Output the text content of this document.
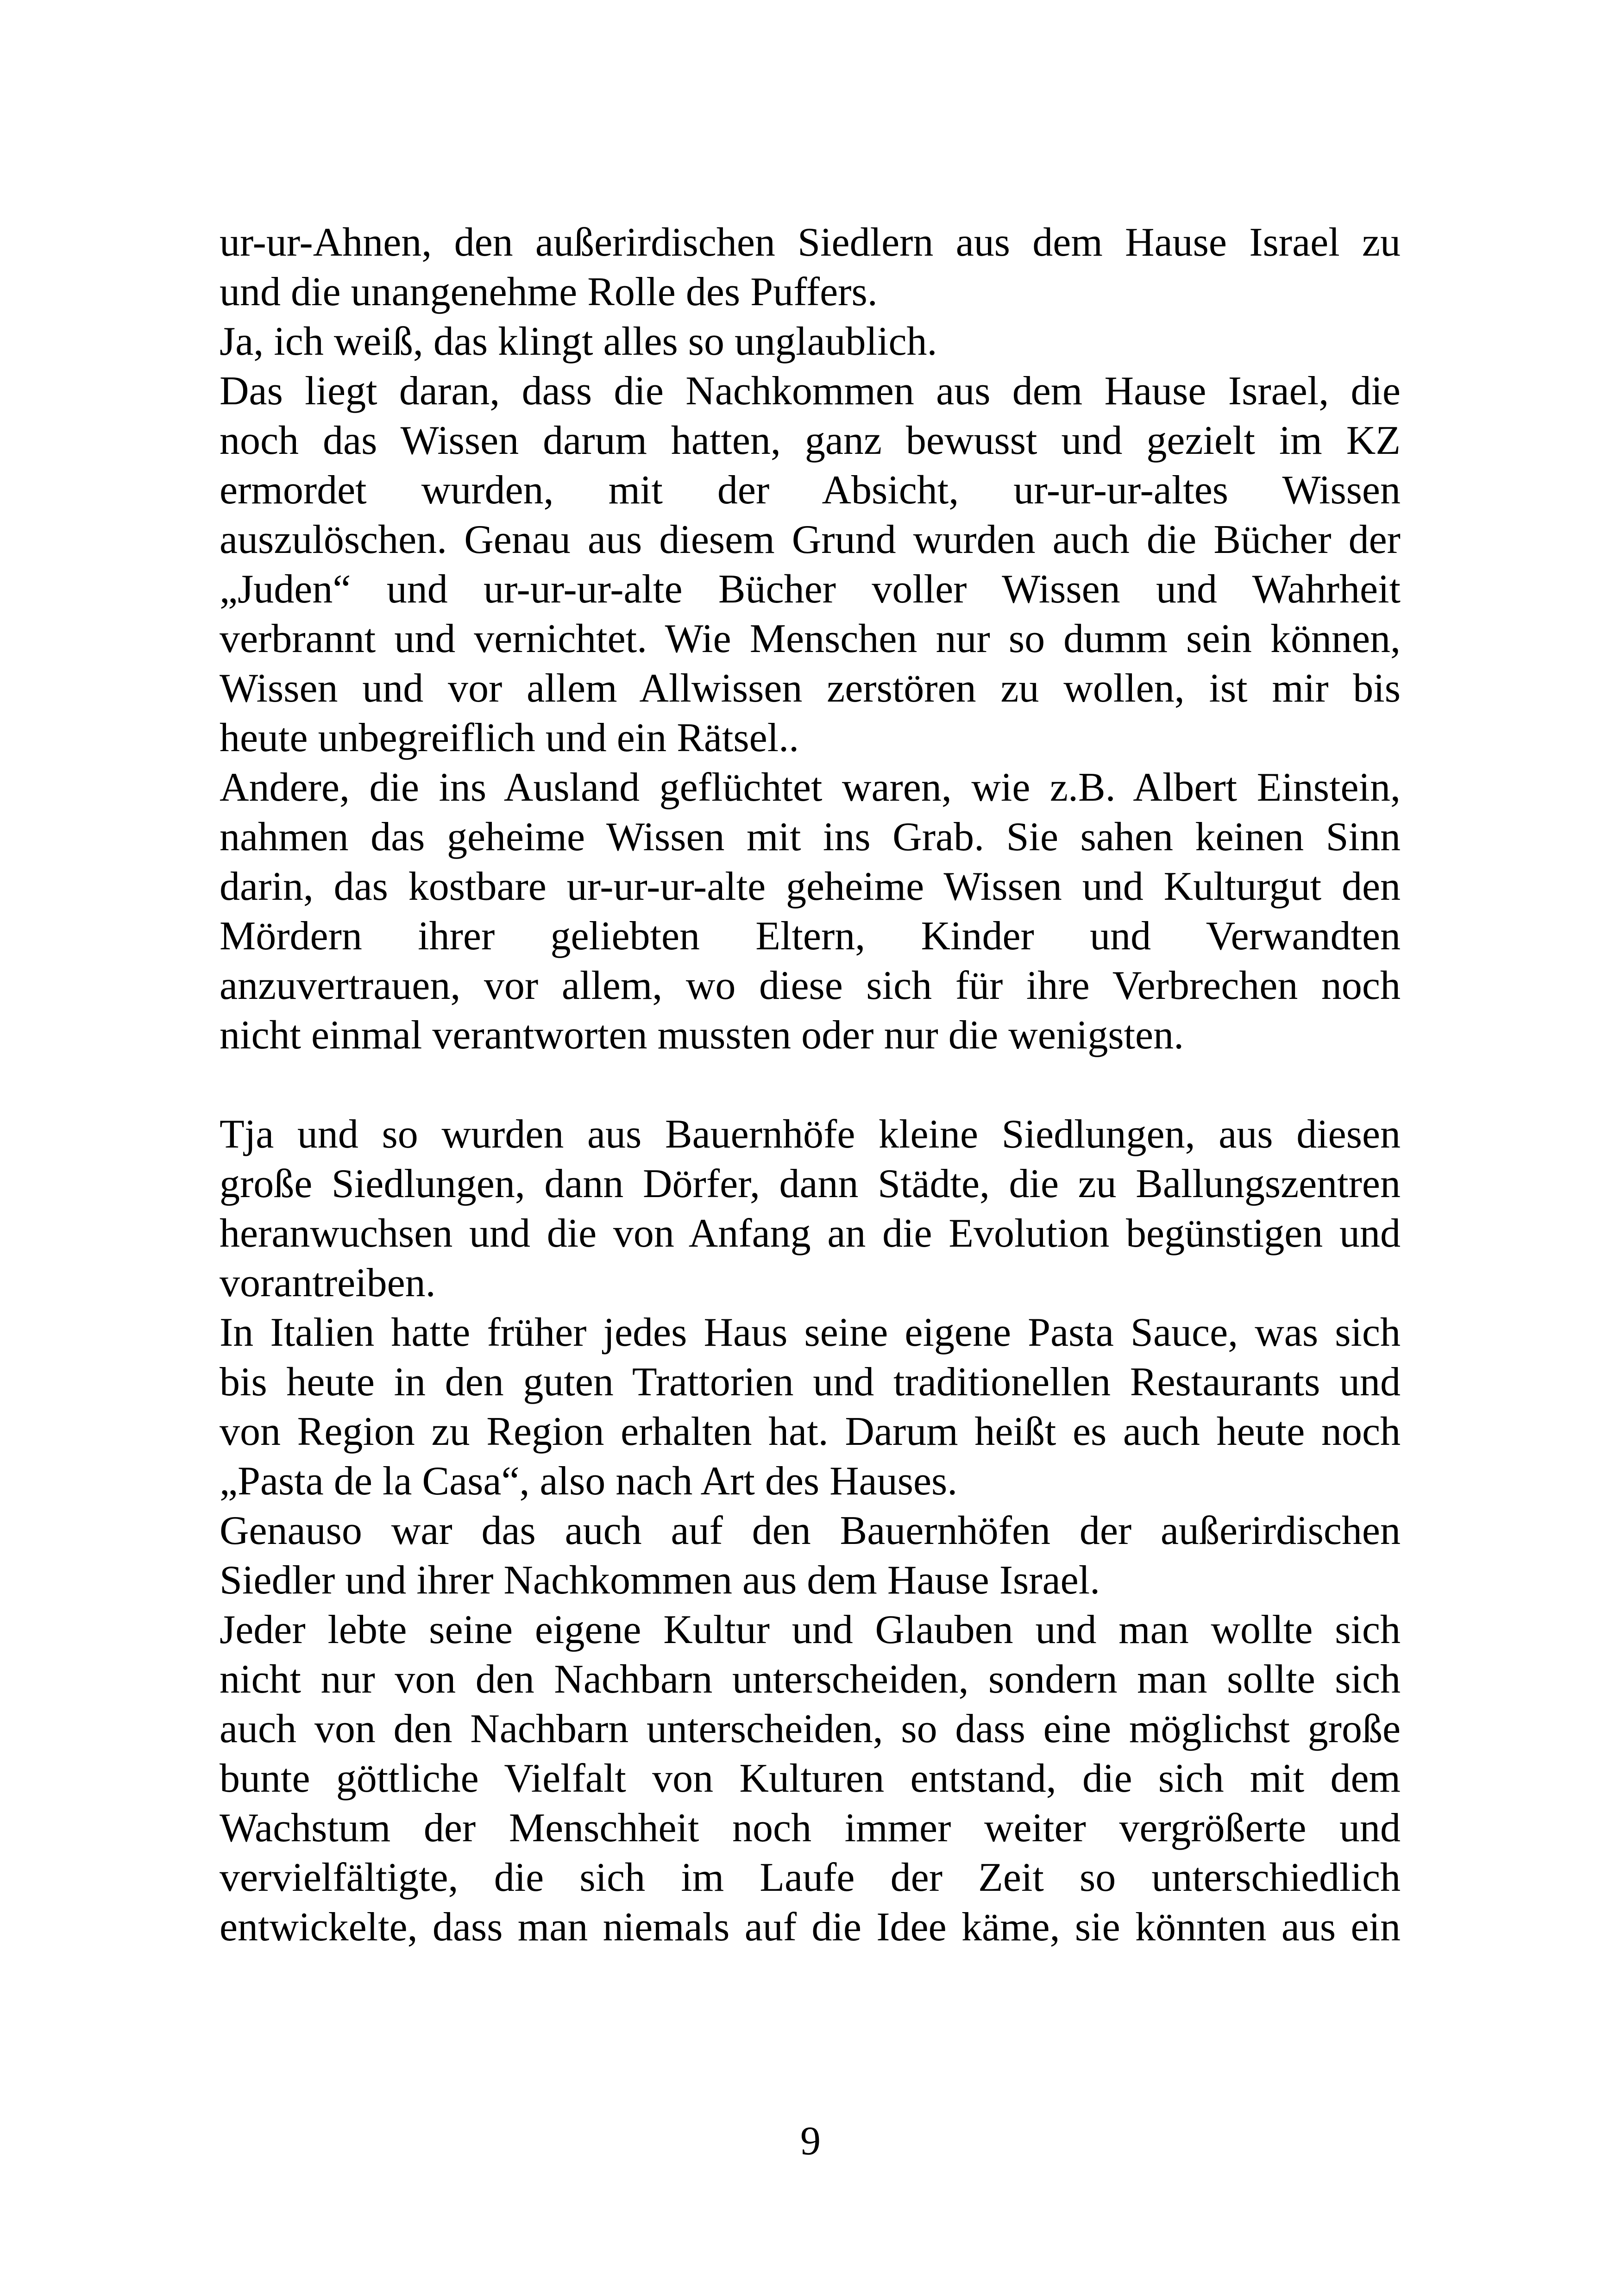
ur-ur-Ahnen, den außerirdischen Siedlern aus dem Hause Israel zu
und die unangenehme Rolle des Puffers.
Ja, ich weiß, das klingt alles so unglaublich.
Das liegt daran, dass die Nachkommen aus dem Hause Israel, die
noch das Wissen darum hatten, ganz bewusst und gezielt im KZ
ermordet wurden, mit der Absicht, ur-ur-ur-altes Wissen
auszulöschen. Genau aus diesem Grund wurden auch die Bücher der
„Juden“ und ur-ur-ur-alte Bücher voller Wissen und Wahrheit
verbrannt und vernichtet. Wie Menschen nur so dumm sein können,
Wissen und vor allem Allwissen zerstören zu wollen, ist mir bis
heute unbegreiflich und ein Rätsel..
Andere, die ins Ausland geflüchtet waren, wie z.B. Albert Einstein,
nahmen das geheime Wissen mit ins Grab. Sie sahen keinen Sinn
darin, das kostbare ur-ur-ur-alte geheime Wissen und Kulturgut den
Mördern ihrer geliebten Eltern, Kinder und Verwandten
anzuvertrauen, vor allem, wo diese sich für ihre Verbrechen noch
nicht einmal verantworten mussten oder nur die wenigsten.
Tja und so wurden aus Bauernhöfe kleine Siedlungen, aus diesen
große Siedlungen, dann Dörfer, dann Städte, die zu Ballungszentren
heranwuchsen und die von Anfang an die Evolution begünstigen und
vorantreiben.
In Italien hatte früher jedes Haus seine eigene Pasta Sauce, was sich
bis heute in den guten Trattorien und traditionellen Restaurants und
von Region zu Region erhalten hat. Darum heißt es auch heute noch
„Pasta de la Casa“, also nach Art des Hauses.
Genauso war das auch auf den Bauernhöfen der außerirdischen
Siedler und ihrer Nachkommen aus dem Hause Israel.
Jeder lebte seine eigene Kultur und Glauben und man wollte sich
nicht nur von den Nachbarn unterscheiden, sondern man sollte sich
auch von den Nachbarn unterscheiden, so dass eine möglichst große
bunte göttliche Vielfalt von Kulturen entstand, die sich mit dem
Wachstum der Menschheit noch immer weiter vergrößerte und
vervielfältigte, die sich im Laufe der Zeit so unterschiedlich
entwickelte, dass man niemals auf die Idee käme, sie könnten aus ein
9
